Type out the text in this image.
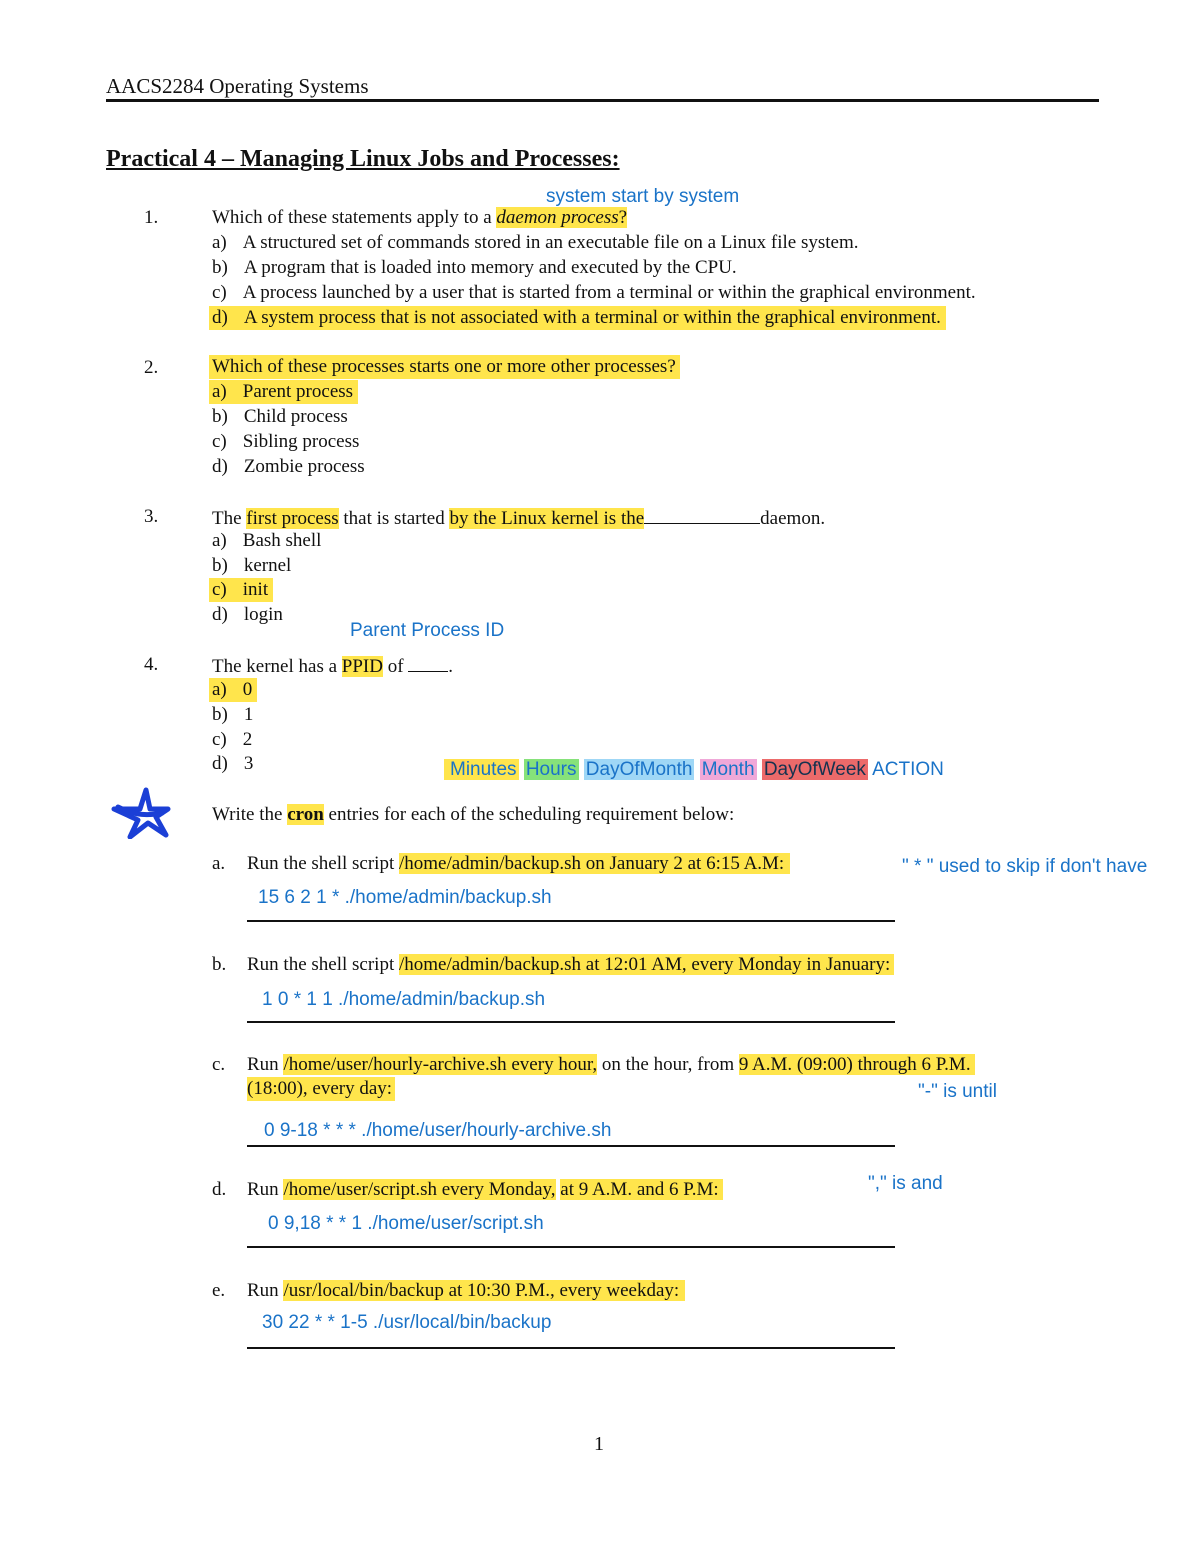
AACS2284 Operating Systems
Practical 4 – Managing Linux Jobs and Processes:
system start by system
1.	Which of these statements apply to a daemon process?
a) A structured set of commands stored in an executable file on a Linux file system.
b) A program that is loaded into memory and executed by the CPU.
c) A process launched by a user that is started from a terminal or within the graphical environment.
d) A system process that is not associated with a terminal or within the graphical environment.
2.	Which of these processes starts one or more other processes?
a) Parent process
b) Child process
c) Sibling process
d) Zombie process
3.	The first process that is started by the Linux kernel is the	daemon.
a) Bash shell
b) kernel
c) init
d) login
Parent Process ID
4.	The kernel has a PPID of .
a) 0
b) 1
c) 2
d) 3	Minutes Hours DayOfMonth Month DayOfWeek ACTION
Write the cron entries for each of the scheduling requirement below:
a. Run the shell script /home/admin/backup.sh on January 2 at 6:15 A.M:	" * " used to skip if don't have
15 6 2 1 * ./home/admin/backup.sh
b. Run the shell script /home/admin/backup.sh at 12:01 AM, every Monday in January:
1 0 * 1 1 ./home/admin/backup.sh
c. Run /home/user/hourly-archive.sh every hour, on the hour, from 9 A.M. (09:00) through 6 P.M.
(18:00), every day:	"-" is until
0 9-18 * * * ./home/user/hourly-archive.sh
d. Run /home/user/script.sh every Monday, at 9 A.M. and 6 P.M:	"," is and
0 9,18 * * 1 ./home/user/script.sh
e. Run /usr/local/bin/backup at 10:30 P.M., every weekday:
30 22 * * 1-5 ./usr/local/bin/backup
1
